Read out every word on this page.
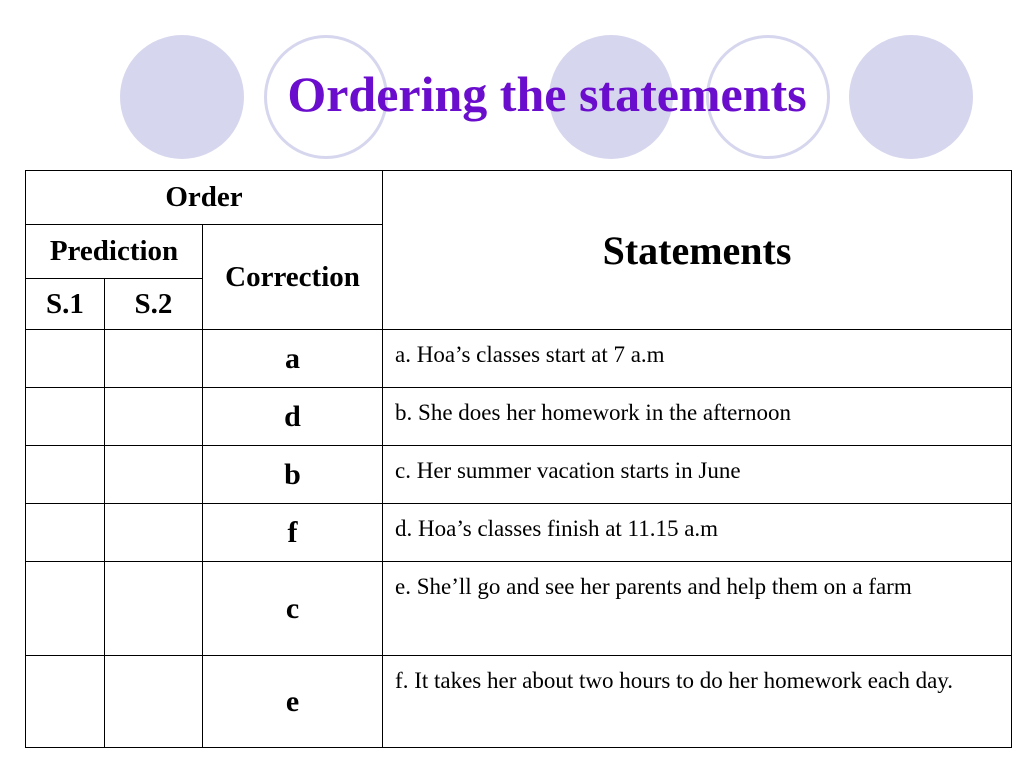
Ordering the statements
Order			Statements
Prediction		Correction	
S.1	S.2		
		a	a. Hoa’s classes start at 7 a.m

		d	b. She does her homework in the afternoon

		b	c. Her summer vacation starts in June

		f	d. Hoa’s classes finish at 11.15 a.m

		c	e. She’ll go and see her parents and help them on a farm

		e	f. It takes her about two hours to do her homework each day.
